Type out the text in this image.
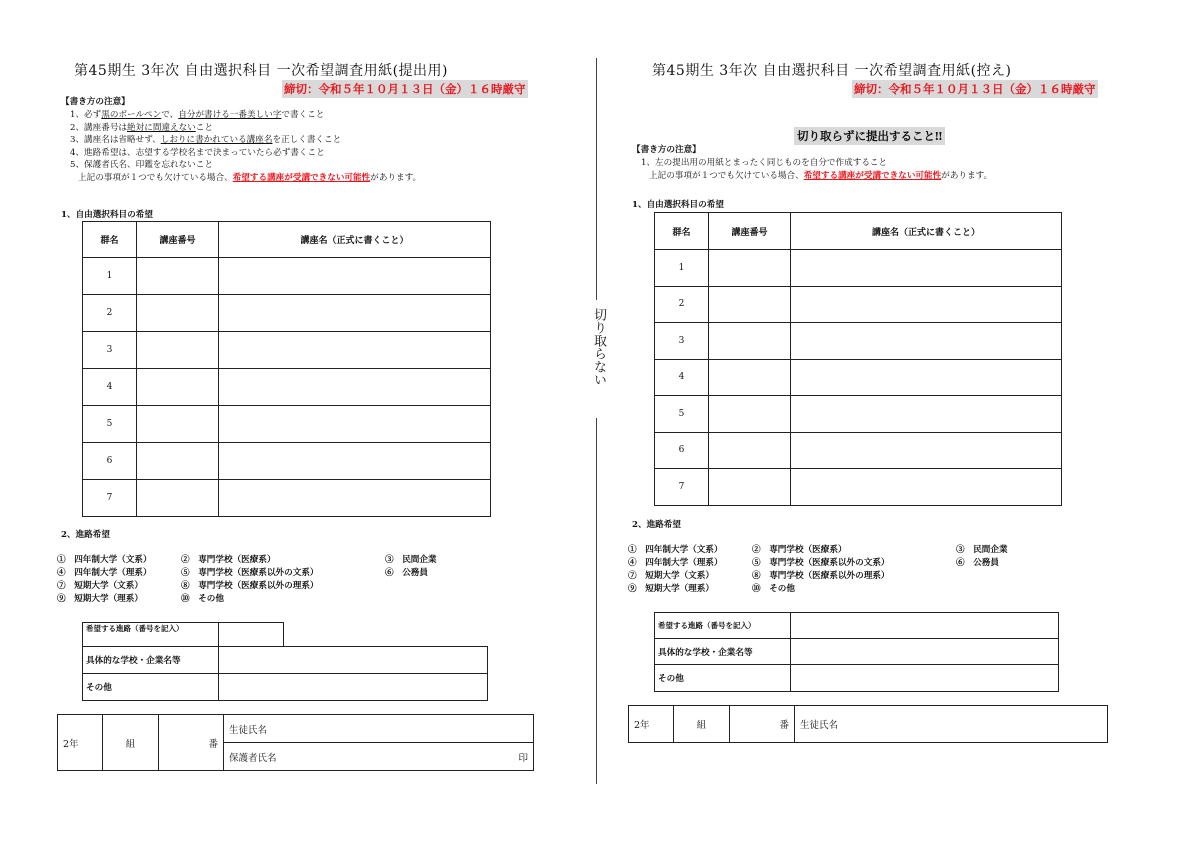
第45期生 3年次 自由選択科目 一次希望調査用紙(提出用)
締切：令和５年１０月１３日（金）１６時厳守
【書き方の注意】
1、必ず黒のボールペンで、自分が書ける一番美しい字で書くこと
2、講座番号は絶対に間違えないこと
3、講座名は省略せず、しおりに書かれている講座名を正しく書くこと
4、進路希望は、志望する学校名まで決まっていたら必ず書くこと
5、保護者氏名、印鑑を忘れないこと
上記の事項が１つでも欠けている場合、希望する講座が受講できない可能性があります。
1、自由選択科目の希望
群名	講座番号	講座名（正式に書くこと）
1		
2		
3		
4		
5		
6		
7		
2、進路希望
①　四年制大学（文系）	②　専門学校（医療系）	③　民間企業
④　四年制大学（理系）	⑤　専門学校（医療系以外の文系）	⑥　公務員
⑦　短期大学（文系）	⑧　専門学校（医療系以外の理系）	
⑨　短期大学（理系）	⑩　その他	
希望する進路（番号を記入）
具体的な学校・企業名等	
その他	
2年	組	番	生徒氏名
保護者氏名	印
切り取らない
第45期生 3年次 自由選択科目 一次希望調査用紙(控え)
締切：令和５年１０月１３日（金）１６時厳守
切り取らずに提出すること‼
【書き方の注意】
1、左の提出用の用紙とまったく同じものを自分で作成すること
上記の事項が１つでも欠けている場合、希望する講座が受講できない可能性があります。
1、自由選択科目の希望
群名	講座番号	講座名（正式に書くこと）
1		
2		
3		
4		
5		
6		
7		
2、進路希望
①　四年制大学（文系）	②　専門学校（医療系）	③　民間企業
④　四年制大学（理系）	⑤　専門学校（医療系以外の文系）	⑥　公務員
⑦　短期大学（文系）	⑧　専門学校（医療系以外の理系）	
⑨　短期大学（理系）	⑩　その他	
希望する進路（番号を記入）	
具体的な学校・企業名等	
その他	
2年	組	番	生徒氏名
